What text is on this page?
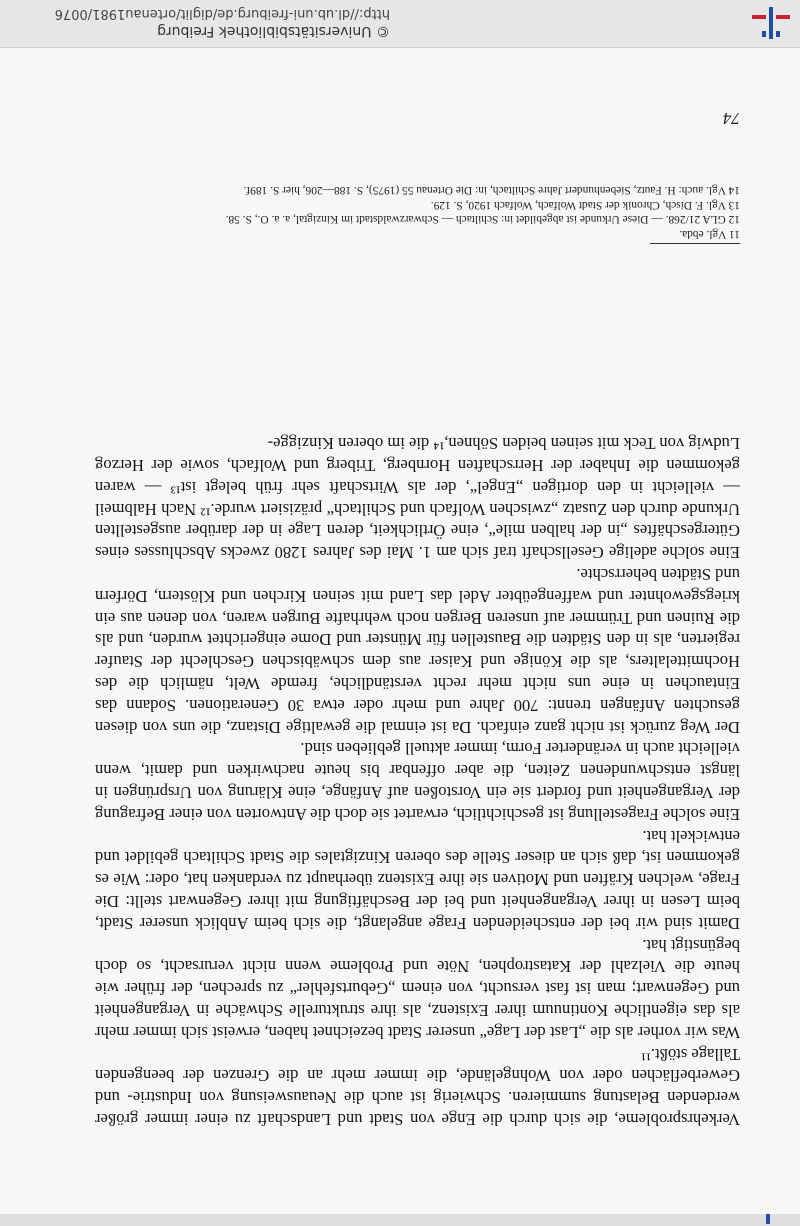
Verkehrsprobleme, die sich durch die Enge von Stadt und Landschaft zu einer immer größer werdenden Belastung summieren. Schwierig ist auch die Neuausweisung von Industrie- und Gewerbeflächen oder von Wohngelände, die immer mehr an die Grenzen der beengenden Tallage stößt.¹¹

Was wir vorher als die „Last der Lage“ unserer Stadt bezeichnet haben, erweist sich immer mehr als das eigentliche Kontinuum ihrer Existenz, als ihre strukturelle Schwäche in Vergangenheit und Gegenwart; man ist fast versucht, von einem „Geburtsfehler“ zu sprechen, der früher wie heute die Vielzahl der Katastrophen, Nöte und Probleme wenn nicht verursacht, so doch begünstigt hat.

Damit sind wir bei der entscheidenden Frage angelangt, die sich beim Anblick unserer Stadt, beim Lesen in ihrer Vergangenheit und bei der Beschäftigung mit ihrer Gegenwart stellt: Die Frage, welchen Kräften und Motiven sie ihre Existenz überhaupt zu verdanken hat, oder: Wie es gekommen ist, daß sich an dieser Stelle des oberen Kinzigtales die Stadt Schiltach gebildet und entwickelt hat.

Eine solche Fragestellung ist geschichtlich, erwartet sie doch die Antworten von einer Befragung der Vergangenheit und fordert sie ein Vorstoßen auf Anfänge, eine Klärung von Ursprüngen in längst entschwundenen Zeiten, die aber offenbar bis heute nachwirken und damit, wenn vielleicht auch in veränderter Form, immer aktuell geblieben sind.

Der Weg zurück ist nicht ganz einfach. Da ist einmal die gewaltige Distanz, die uns von diesen gesuchten Anfängen trennt: 700 Jahre und mehr oder etwa 30 Generationen. Sodann das Eintauchen in eine uns nicht mehr recht verständliche, fremde Welt, nämlich die des Hochmittelalters, als die Könige und Kaiser aus dem schwäbischen Geschlecht der Staufer regierten, als in den Städten die Baustellen für Münster und Dome eingerichtet wurden, und als die Ruinen und Trümmer auf unseren Bergen noch wehrhafte Burgen waren, von denen aus ein kriegsgewohnter und waffengeübter Adel das Land mit seinen Kirchen und Klöstern, Dörfern und Städten beherrschte.

Eine solche adelige Gesellschaft traf sich am 1. Mai des Jahres 1280 zwecks Abschlusses eines Gütergeschäftes „in der halben mile“, eine Örtlichkeit, deren Lage in der darüber ausgestellten Urkunde durch den Zusatz „zwischen Wolfach und Schiltach“ präzisiert wurde.¹² Nach Halbmeil — vielleicht in den dortigen „Engel“, der als Wirtschaft sehr früh belegt ist¹³ — waren gekommen die Inhaber der Herrschaften Hornberg, Triberg und Wolfach, sowie der Herzog Ludwig von Teck mit seinen beiden Söhnen,¹⁴ die im oberen Kinzigge-

11 Vgl. ebda.
12 GLA 21/268. — Diese Urkunde ist abgebildet in: Schiltach — Schwarzwaldstadt im Kinzigtal, a. a. O., S. 58.
13 Vgl. F. Disch, Chronik der Stadt Wolfach, Wolfach 1920, S. 129.
14 Vgl. auch: H. Fautz, Siebenhundert Jahre Schiltach, in: Die Ortenau 55 (1975), S. 188—206, hier S. 189f.
74
© Universitätsbibliothek Freiburg
http://dl.ub.uni-freiburg.de/diglit/ortenau1981/0076
